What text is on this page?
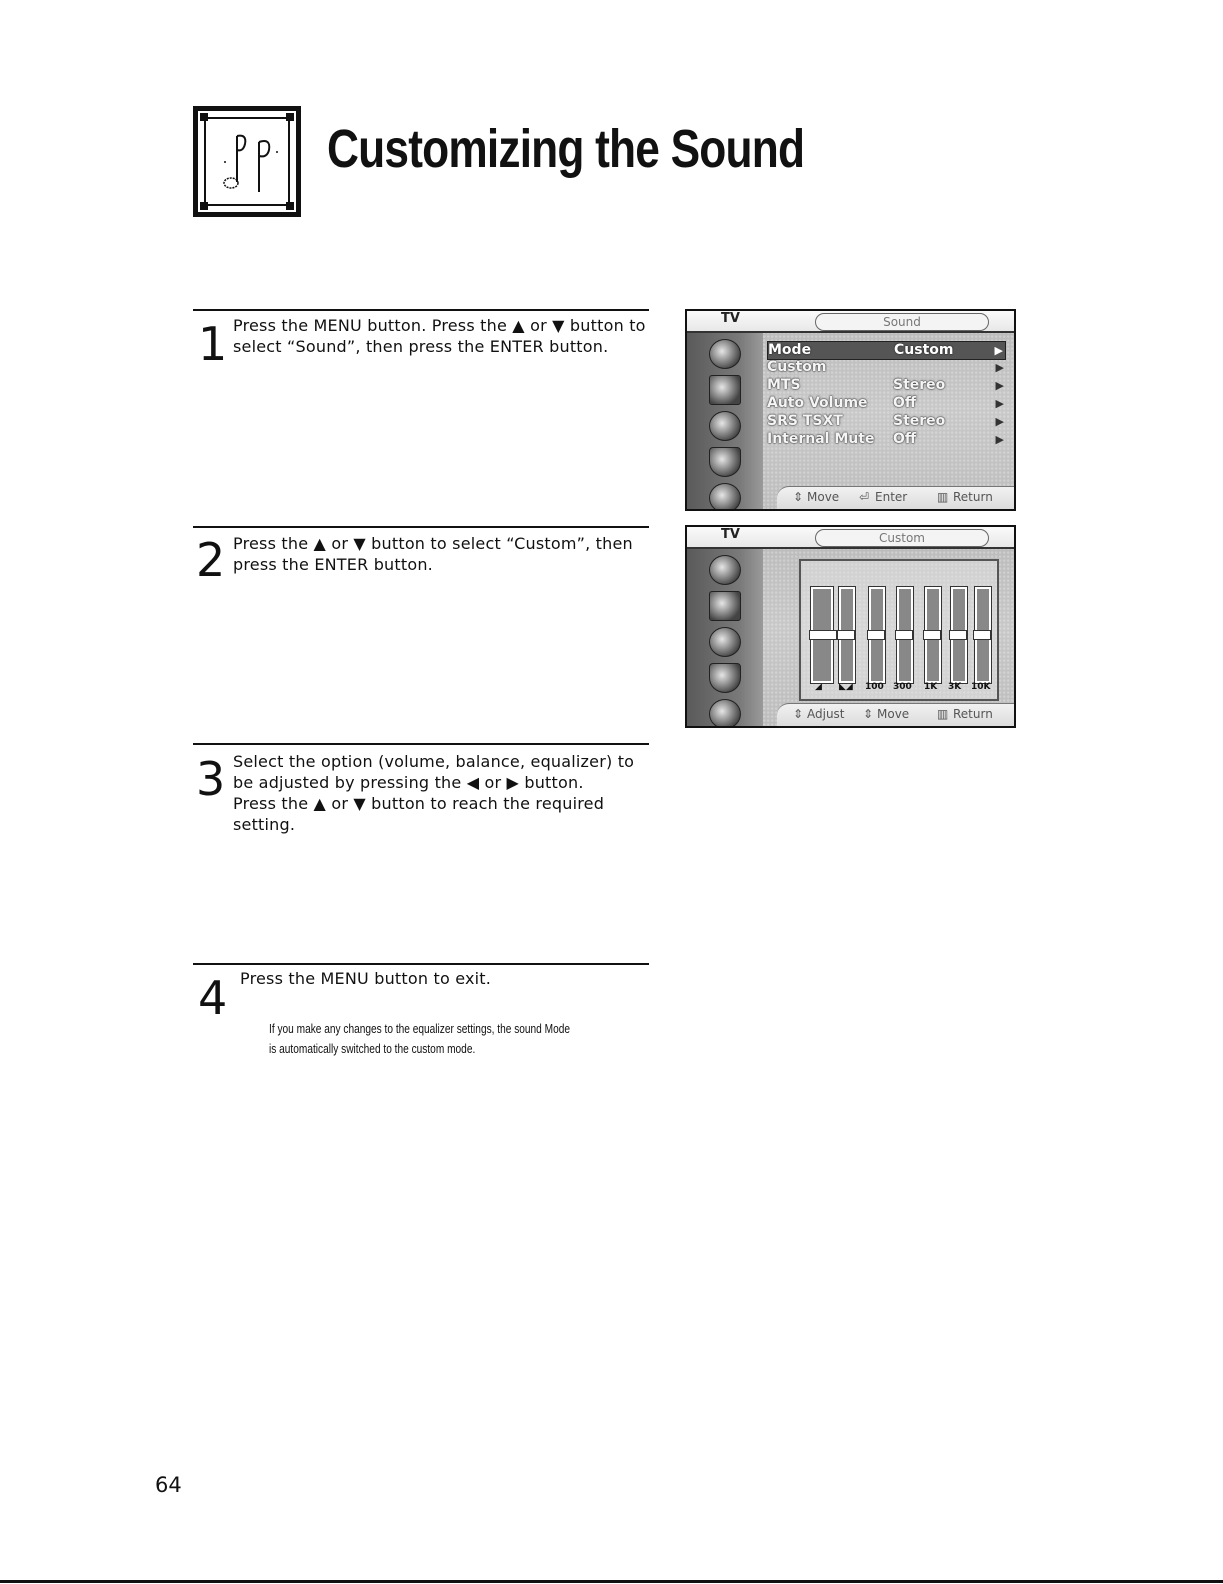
Customizing the Sound
1 Press the MENU button. Press the ▲ or ▼ button to
select “Sound”, then press the ENTER button.
2 Press the ▲ or ▼ button to select “Custom”, then
press the ENTER button.
3 Select the option (volume, balance, equalizer) to
be adjusted by pressing the ◀ or ▶ button.
Press the ▲ or ▼ button to reach the required
setting.
4 Press the MENU button to exit.
If you make any changes to the equalizer settings, the sound Mode
is automatically switched to the custom mode.
TV	Sound
Mode	Custom	▶
Custom	▶
MTS	Stereo	▶
Auto Volume Off	▶
SRS TSXT	Stereo	▶
Internal Mute Off	▶
⇕ Move ⏎ Enter ▥ Return
TV	Custom
◢ ◣◢ 100 300 1K 3K 10K
⇕ Adjust ⇕ Move ▥ Return
64
